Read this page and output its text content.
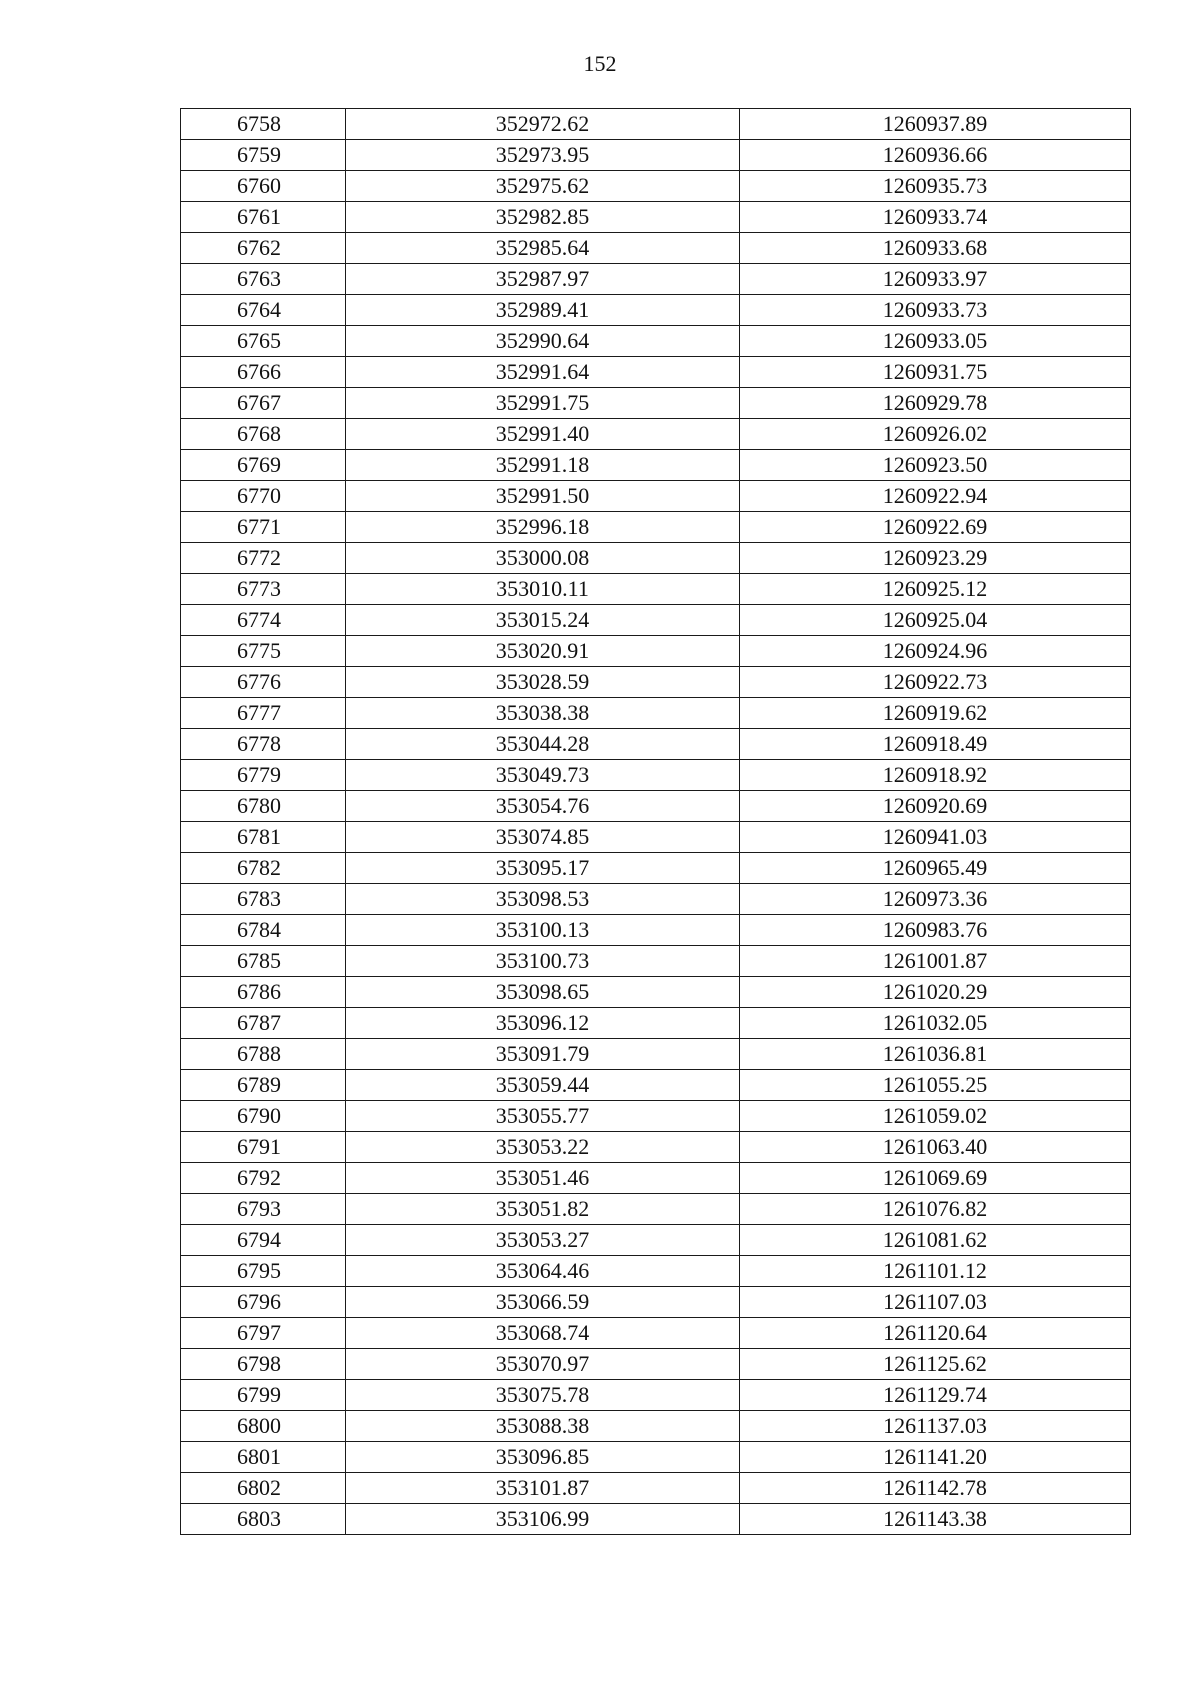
152
6758	352972.62	1260937.89
6759	352973.95	1260936.66
6760	352975.62	1260935.73
6761	352982.85	1260933.74
6762	352985.64	1260933.68
6763	352987.97	1260933.97
6764	352989.41	1260933.73
6765	352990.64	1260933.05
6766	352991.64	1260931.75
6767	352991.75	1260929.78
6768	352991.40	1260926.02
6769	352991.18	1260923.50
6770	352991.50	1260922.94
6771	352996.18	1260922.69
6772	353000.08	1260923.29
6773	353010.11	1260925.12
6774	353015.24	1260925.04
6775	353020.91	1260924.96
6776	353028.59	1260922.73
6777	353038.38	1260919.62
6778	353044.28	1260918.49
6779	353049.73	1260918.92
6780	353054.76	1260920.69
6781	353074.85	1260941.03
6782	353095.17	1260965.49
6783	353098.53	1260973.36
6784	353100.13	1260983.76
6785	353100.73	1261001.87
6786	353098.65	1261020.29
6787	353096.12	1261032.05
6788	353091.79	1261036.81
6789	353059.44	1261055.25
6790	353055.77	1261059.02
6791	353053.22	1261063.40
6792	353051.46	1261069.69
6793	353051.82	1261076.82
6794	353053.27	1261081.62
6795	353064.46	1261101.12
6796	353066.59	1261107.03
6797	353068.74	1261120.64
6798	353070.97	1261125.62
6799	353075.78	1261129.74
6800	353088.38	1261137.03
6801	353096.85	1261141.20
6802	353101.87	1261142.78
6803	353106.99	1261143.38
